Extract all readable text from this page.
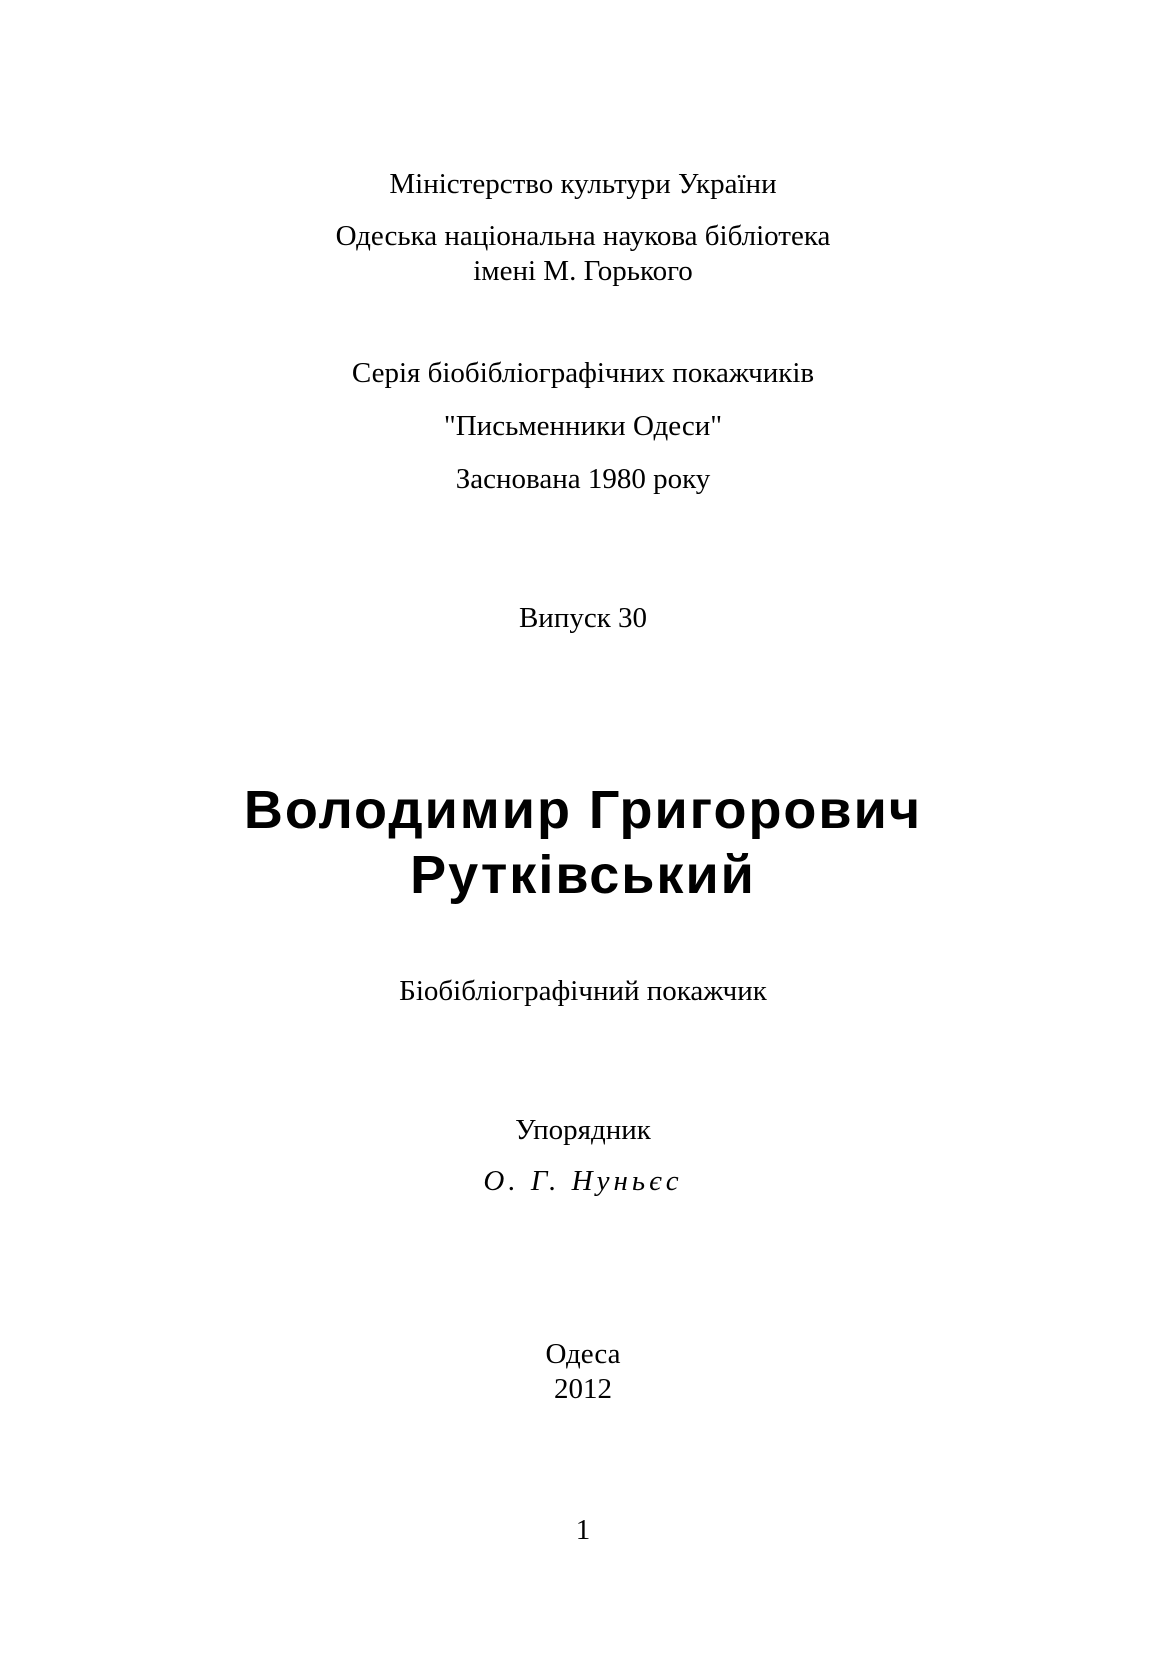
Міністерство культури України
Одеська національна наукова бібліотека
імені М. Горького
Серія біобібліографічних покажчиків
"Письменники Одеси"
Заснована 1980 року
Випуск 30
Володимир Григорович
Рутківський
Біобібліографічний покажчик
Упорядник
О. Г. Нуньєс
Одеса
2012
1
